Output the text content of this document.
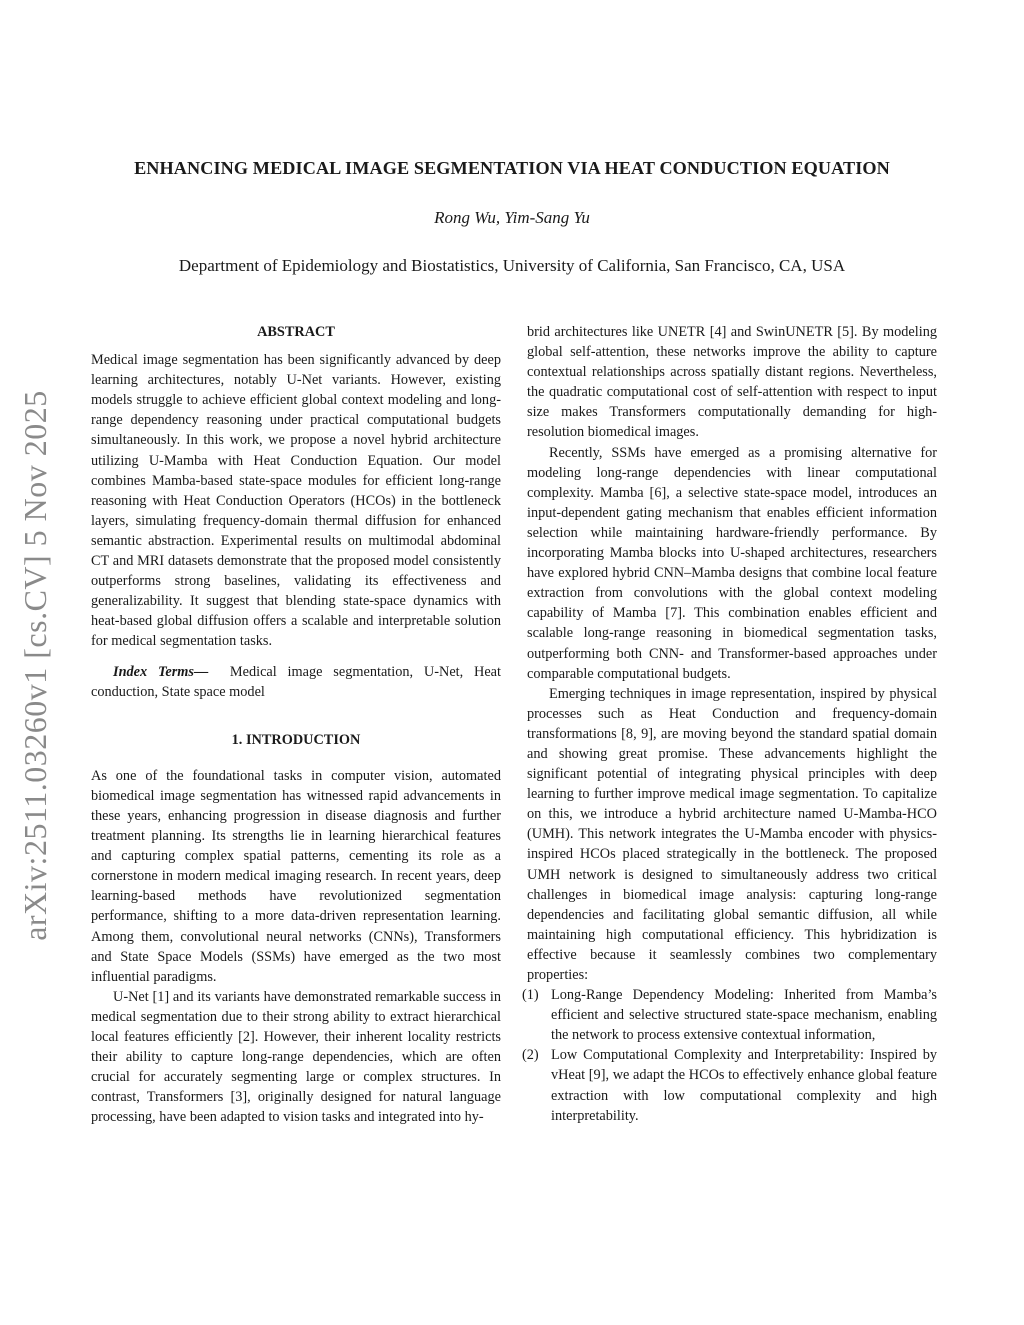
arXiv:2511.03260v1 [cs.CV] 5 Nov 2025
ENHANCING MEDICAL IMAGE SEGMENTATION VIA HEAT CONDUCTION EQUATION

Rong Wu, Yim-Sang Yu

Department of Epidemiology and Biostatistics, University of California, San Francisco, CA, USA

ABSTRACT

Medical image segmentation has been significantly advanced by deep learning architectures, notably U-Net variants. However, existing models struggle to achieve efficient global context modeling and long-range dependency reasoning under practical computational budgets simultaneously. In this work, we propose a novel hybrid architecture utilizing U-Mamba with Heat Conduction Equation. Our model combines Mamba-based state-space modules for efficient long-range reasoning with Heat Conduction Operators (HCOs) in the bottleneck layers, simulating frequency-domain thermal diffusion for enhanced semantic abstraction. Experimental results on multimodal abdominal CT and MRI datasets demonstrate that the proposed model consistently outperforms strong baselines, validating its effectiveness and generalizability. It suggest that blending state-space dynamics with heat-based global diffusion offers a scalable and interpretable solution for medical segmentation tasks.

Index Terms— Medical image segmentation, U-Net, Heat conduction, State space model

1. INTRODUCTION

As one of the foundational tasks in computer vision, automated biomedical image segmentation has witnessed rapid advancements in these years, enhancing progression in disease diagnosis and further treatment planning. Its strengths lie in learning hierarchical features and capturing complex spatial patterns, cementing its role as a cornerstone in modern medical imaging research. In recent years, deep learning-based methods have revolutionized segmentation performance, shifting to a more data-driven representation learning. Among them, convolutional neural networks (CNNs), Transformers and State Space Models (SSMs) have emerged as the two most influential paradigms.

U-Net [1] and its variants have demonstrated remarkable success in medical segmentation due to their strong ability to extract hierarchical local features efficiently [2]. However, their inherent locality restricts their ability to capture long-range dependencies, which are often crucial for accurately segmenting large or complex structures. In contrast, Transformers [3], originally designed for natural language processing, have been adapted to vision tasks and integrated into hy-

brid architectures like UNETR [4] and SwinUNETR [5]. By modeling global self-attention, these networks improve the ability to capture contextual relationships across spatially distant regions. Nevertheless, the quadratic computational cost of self-attention with respect to input size makes Transformers computationally demanding for high-resolution biomedical images.

Recently, SSMs have emerged as a promising alternative for modeling long-range dependencies with linear computational complexity. Mamba [6], a selective state-space model, introduces an input-dependent gating mechanism that enables efficient information selection while maintaining hardware-friendly performance. By incorporating Mamba blocks into U-shaped architectures, researchers have explored hybrid CNN–Mamba designs that combine local feature extraction from convolutions with the global context modeling capability of Mamba [7]. This combination enables efficient and scalable long-range reasoning in biomedical segmentation tasks, outperforming both CNN- and Transformer-based approaches under comparable computational budgets.

Emerging techniques in image representation, inspired by physical processes such as Heat Conduction and frequency-domain transformations [8, 9], are moving beyond the standard spatial domain and showing great promise. These advancements highlight the significant potential of integrating physical principles with deep learning to further improve medical image segmentation. To capitalize on this, we introduce a hybrid architecture named U-Mamba-HCO (UMH). This network integrates the U-Mamba encoder with physics-inspired HCOs placed strategically in the bottleneck. The proposed UMH network is designed to simultaneously address two critical challenges in biomedical image analysis: capturing long-range dependencies and facilitating global semantic diffusion, all while maintaining high computational efficiency. This hybridization is effective because it seamlessly combines two complementary properties:

(1) Long-Range Dependency Modeling: Inherited from Mamba’s efficient and selective structured state-space mechanism, enabling the network to process extensive contextual information,
(2) Low Computational Complexity and Interpretability: Inspired by vHeat [9], we adapt the HCOs to effectively enhance global feature extraction with low computational complexity and high interpretability.
